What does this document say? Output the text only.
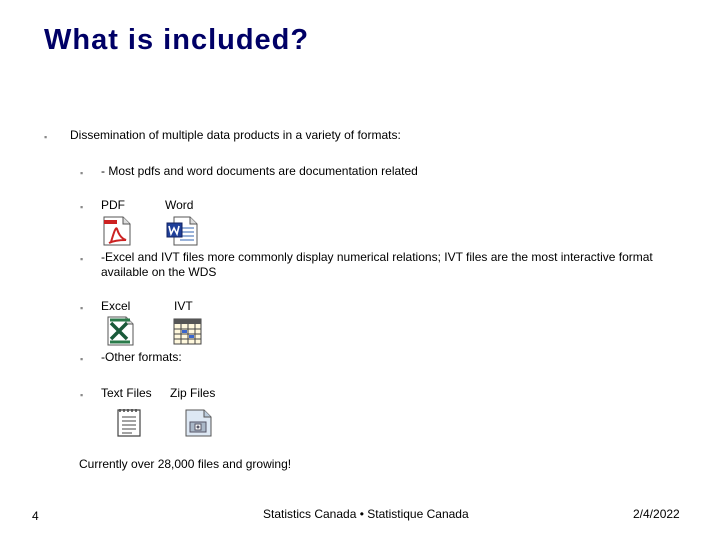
What is included?
▪ Dissemination of multiple data products in a variety of formats:
▪ - Most pdfs and word documents are documentation related
▪ PDF	Word
▪ -Excel and IVT files more commonly display numerical relations; IVT files are the most interactive format available on the WDS
▪ Excel	IVT
▪ -Other formats:
▪ Text Files Zip Files
Currently over 28,000 files and growing!
4	Statistics Canada • Statistique Canada	2/4/2022
